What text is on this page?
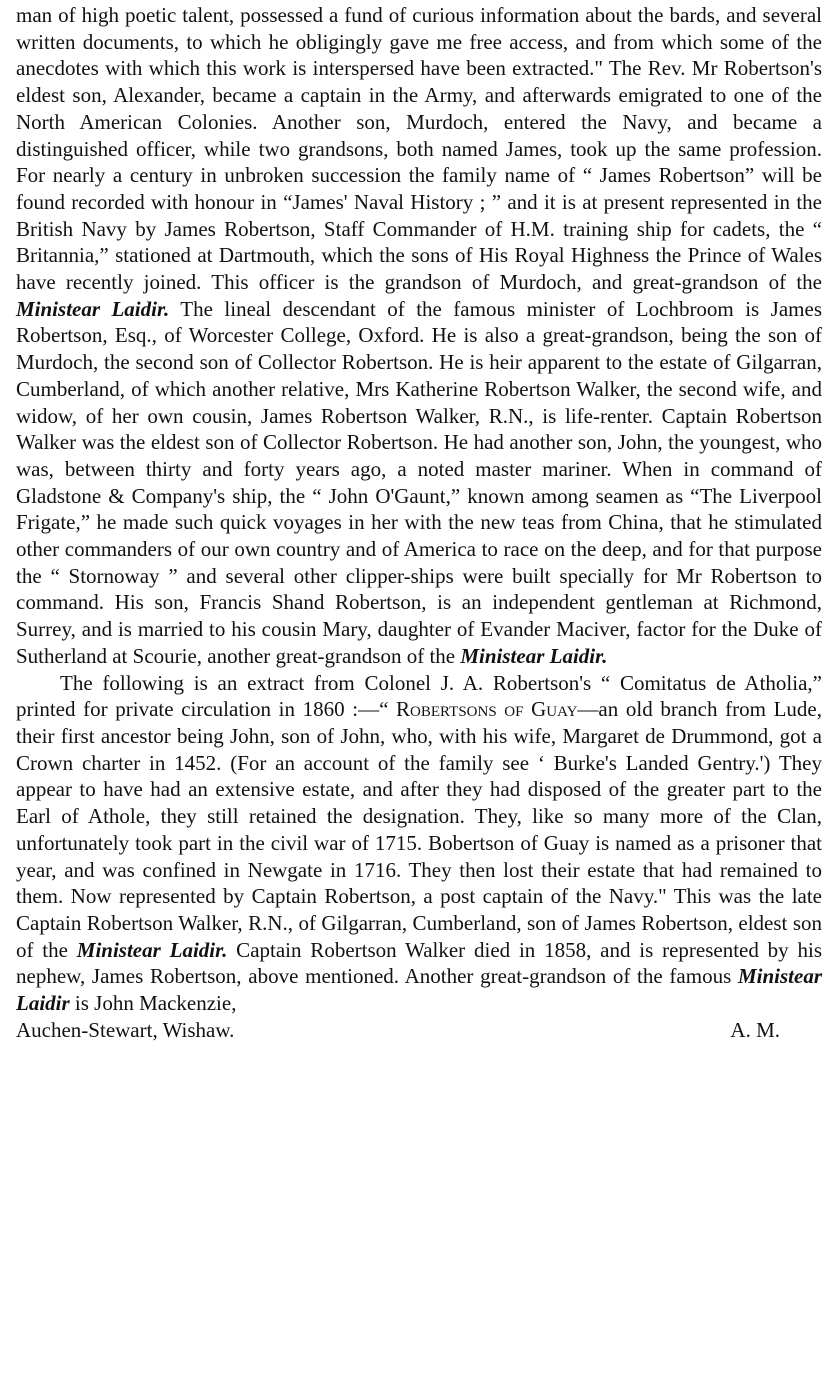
man of high poetic talent, possessed a fund of curious information about the bards, and several written documents, to which he obligingly gave me free access, and from which some of the anecdotes with which this work is interspersed have been extracted." The Rev. Mr Robertson's eldest son, Alexander, became a captain in the Army, and afterwards emigrated to one of the North American Colonies. Another son, Murdoch, entered the Navy, and became a distinguished officer, while two grandsons, both named James, took up the same profession. For nearly a century in unbroken succession the family name of “ James Robertson” will be found recorded with honour in “James' Naval History ; ” and it is at present represented in the British Navy by James Robertson, Staff Commander of H.M. training ship for cadets, the “ Britannia,” stationed at Dartmouth, which the sons of His Royal Highness the Prince of Wales have recently joined. This officer is the grandson of Murdoch, and great-grandson of the Ministear Laidir. The lineal descendant of the famous minister of Lochbroom is James Robertson, Esq., of Worcester College, Oxford. He is also a great-grandson, being the son of Murdoch, the second son of Collector Robertson. He is heir apparent to the estate of Gilgarran, Cumberland, of which another relative, Mrs Katherine Robertson Walker, the second wife, and widow, of her own cousin, James Robertson Walker, R.N., is life-renter. Captain Robertson Walker was the eldest son of Collector Robertson. He had another son, John, the youngest, who was, between thirty and forty years ago, a noted master mariner. When in command of Gladstone & Company's ship, the “ John O'Gaunt,” known among seamen as “The Liverpool Frigate,” he made such quick voyages in her with the new teas from China, that he stimulated other commanders of our own country and of America to race on the deep, and for that purpose the “ Stornoway ” and several other clipper-ships were built specially for Mr Robertson to command. His son, Francis Shand Robertson, is an independent gentleman at Richmond, Surrey, and is married to his cousin Mary, daughter of Evander Maciver, factor for the Duke of Sutherland at Scourie, another great-grandson of the Ministear Laidir.

The following is an extract from Colonel J. A. Robertson's “ Comitatus de Atholia,” printed for private circulation in 1860 :—“ Robertsons of Guay—an old branch from Lude, their first ancestor being John, son of John, who, with his wife, Margaret de Drummond, got a Crown charter in 1452. (For an account of the family see ‘ Burke's Landed Gentry.') They appear to have had an extensive estate, and after they had disposed of the greater part to the Earl of Athole, they still retained the designation. They, like so many more of the Clan, unfortunately took part in the civil war of 1715. Bobertson of Guay is named as a prisoner that year, and was confined in Newgate in 1716. They then lost their estate that had remained to them. Now represented by Captain Robertson, a post captain of the Navy." This was the late Captain Robertson Walker, R.N., of Gilgarran, Cumberland, son of James Robertson, eldest son of the Ministear Laidir. Captain Robertson Walker died in 1858, and is represented by his nephew, James Robertson, above mentioned. Another great-grandson of the famous Ministear Laidir is John Mackenzie,

Auchen-Stewart, Wishaw.	A. M.
